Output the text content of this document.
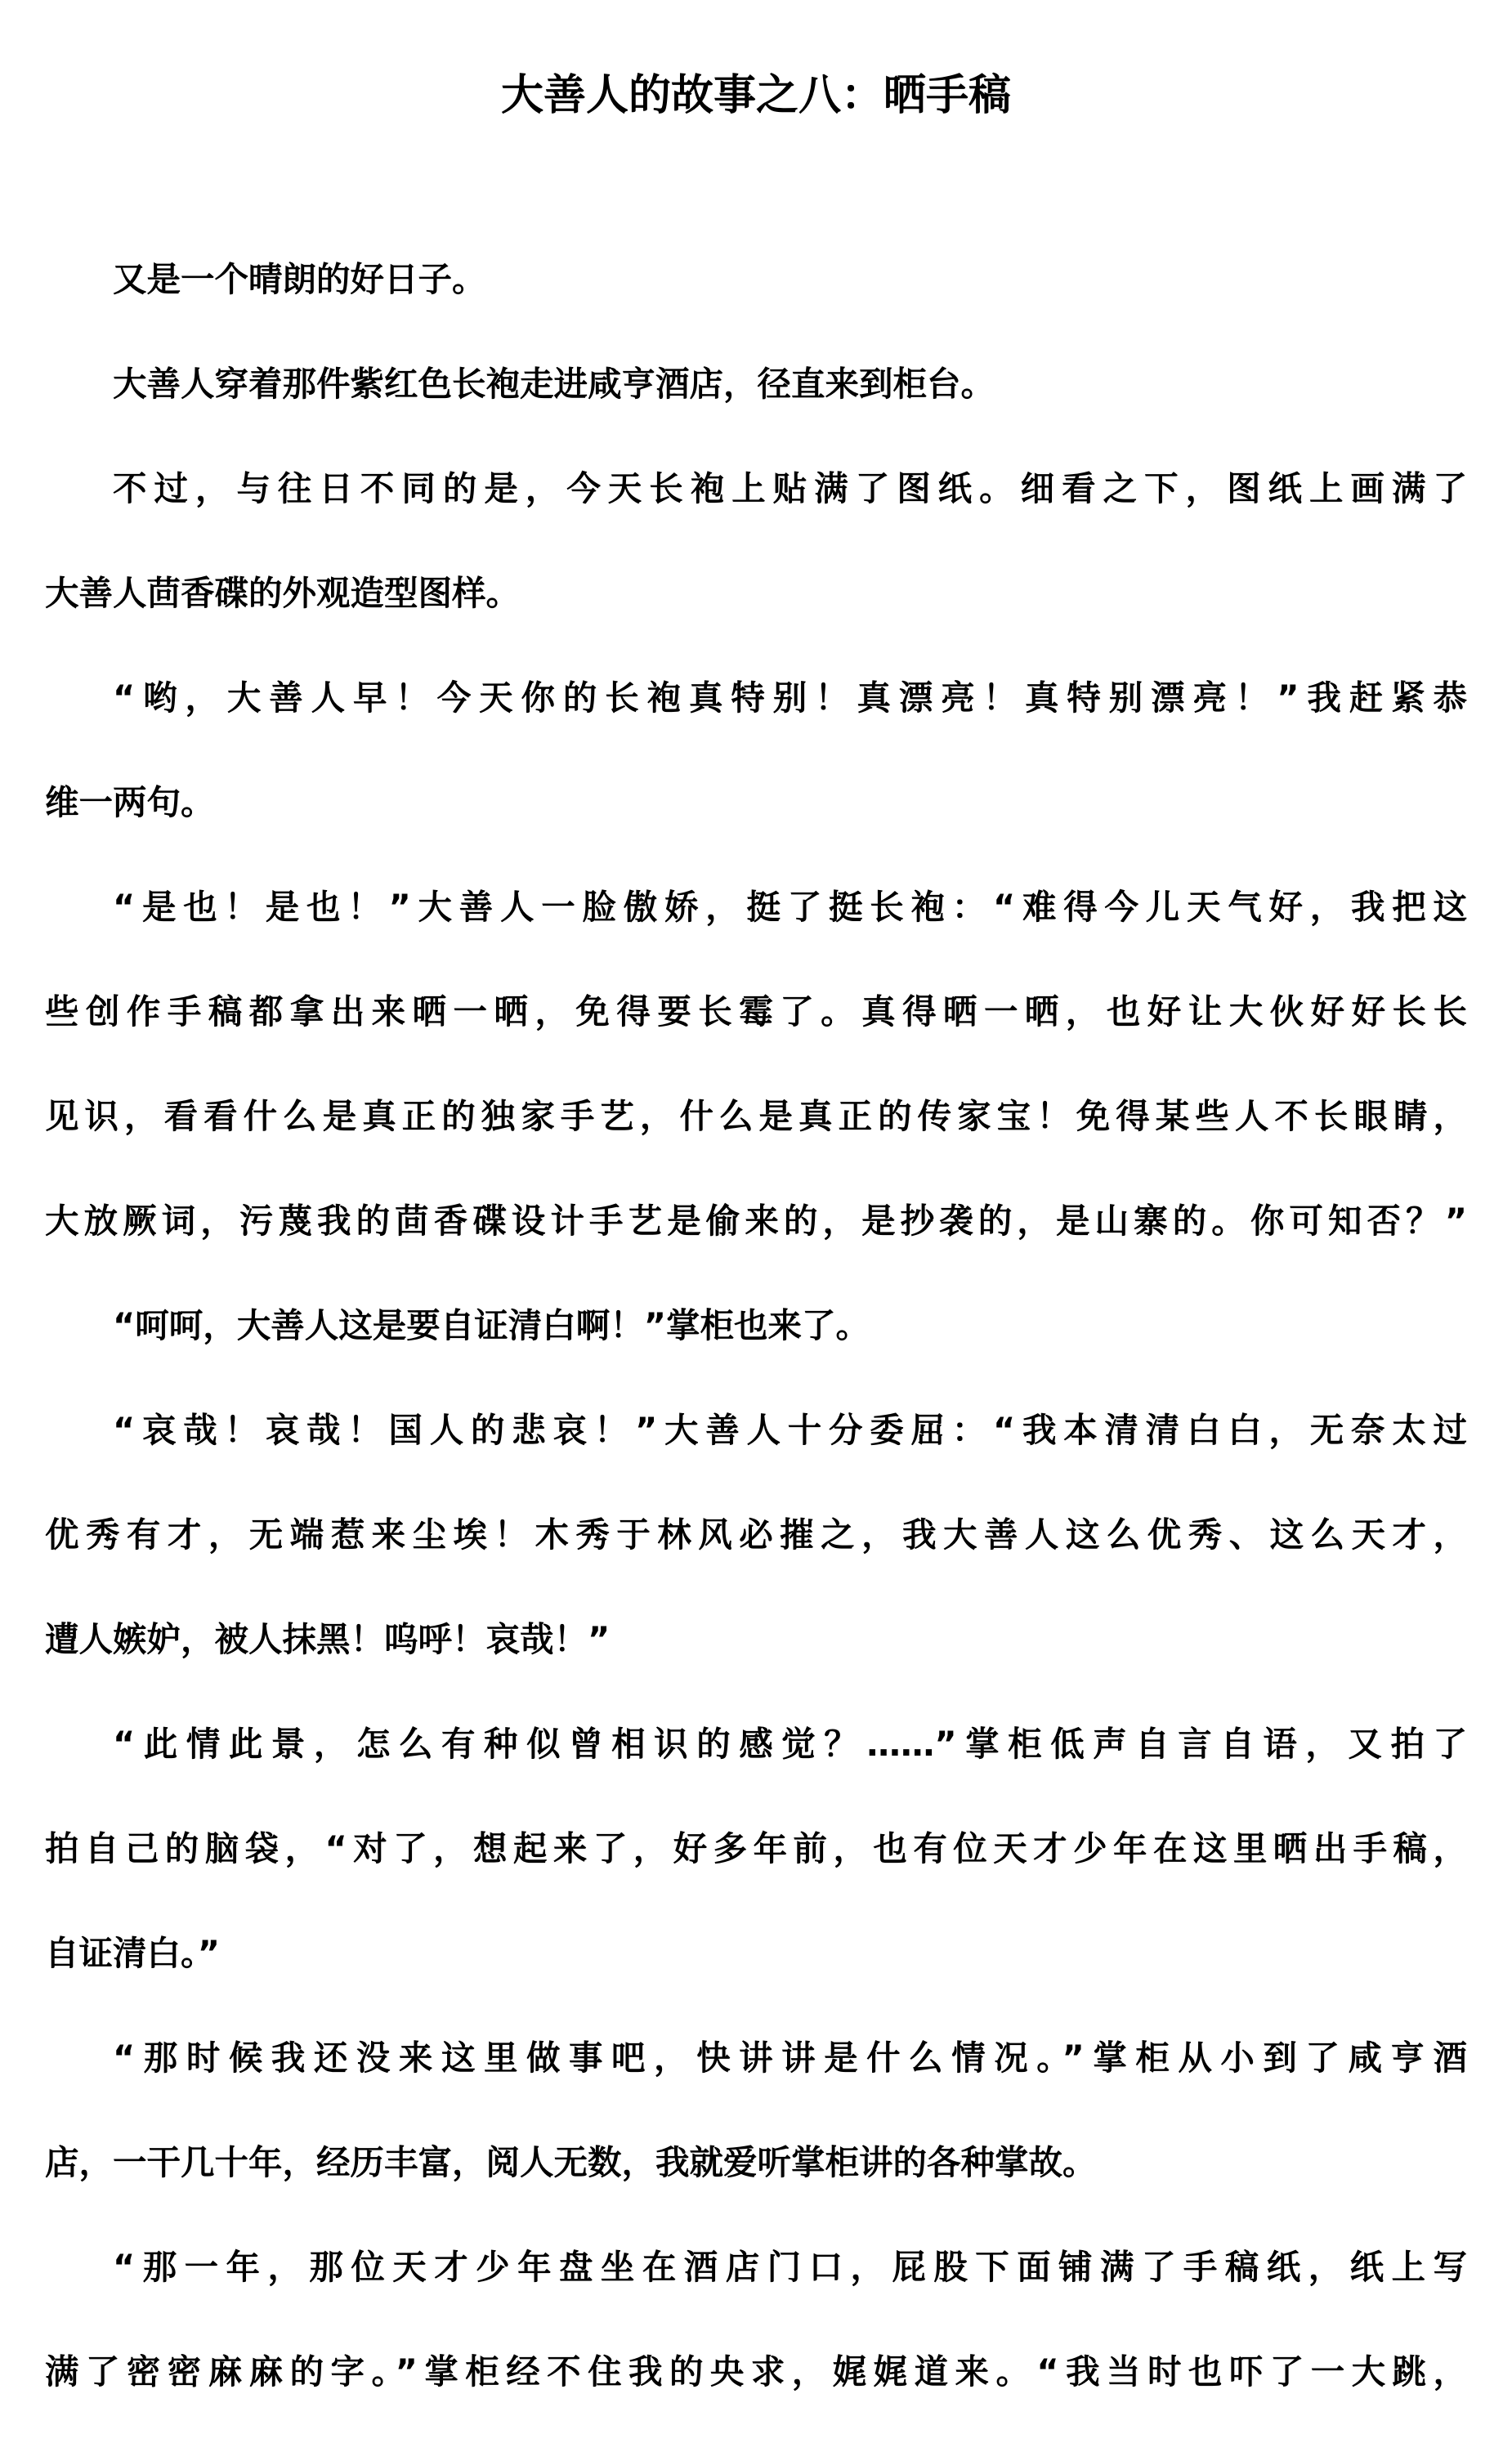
大善人的故事之八：晒手稿

又是一个晴朗的好日子。

大善人穿着那件紫红色长袍走进咸亨酒店，径直来到柜台。

不过，与往日不同的是，今天长袍上贴满了图纸。细看之下，图纸上画满了
大善人茴香碟的外观造型图样。

“哟，大善人早！今天你的长袍真特别！真漂亮！真特别漂亮！”我赶紧恭
维一两句。

“是也！是也！”大善人一脸傲娇，挺了挺长袍：“难得今儿天气好，我把这
些创作手稿都拿出来晒一晒，免得要长霉了。真得晒一晒，也好让大伙好好长长
见识，看看什么是真正的独家手艺，什么是真正的传家宝！免得某些人不长眼睛，
大放厥词，污蔑我的茴香碟设计手艺是偷来的，是抄袭的，是山寨的。你可知否？”

“呵呵，大善人这是要自证清白啊！”掌柜也来了。

“哀哉！哀哉！国人的悲哀！”大善人十分委屈：“我本清清白白，无奈太过
优秀有才，无端惹来尘埃！木秀于林风必摧之，我大善人这么优秀、这么天才，
遭人嫉妒，被人抹黑！呜呼！哀哉！”

“此情此景，怎么有种似曾相识的感觉？……”掌柜低声自言自语，又拍了
拍自己的脑袋，“对了，想起来了，好多年前，也有位天才少年在这里晒出手稿，
自证清白。”

“那时候我还没来这里做事吧，快讲讲是什么情况。”掌柜从小到了咸亨酒
店，一干几十年，经历丰富，阅人无数，我就爱听掌柜讲的各种掌故。

“那一年，那位天才少年盘坐在酒店门口，屁股下面铺满了手稿纸，纸上写
满了密密麻麻的字。”掌柜经不住我的央求，娓娓道来。“我当时也吓了一大跳，
